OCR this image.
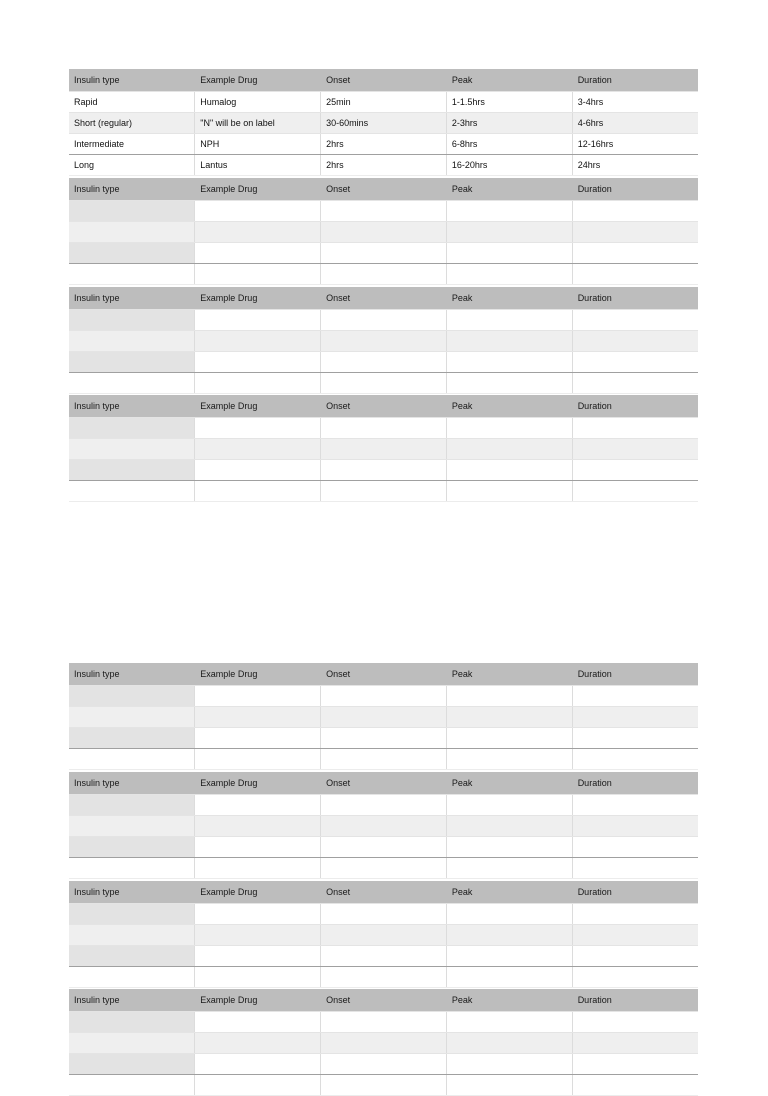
Insulin type	Example Drug	Onset	Peak	Duration
Rapid	Humalog	25min	1-1.5hrs	3-4hrs
Short (regular)	"N" will be on label	30-60mins	2-3hrs	4-6hrs
Intermediate	NPH	2hrs	6-8hrs	12-16hrs
Long	Lantus	2hrs	16-20hrs	24hrs
Insulin type	Example Drug	Onset	Peak	Duration

Insulin type	Example Drug	Onset	Peak	Duration

Insulin type	Example Drug	Onset	Peak	Duration

Insulin type	Example Drug	Onset	Peak	Duration

Insulin type	Example Drug	Onset	Peak	Duration

Insulin type	Example Drug	Onset	Peak	Duration

Insulin type	Example Drug	Onset	Peak	Duration
